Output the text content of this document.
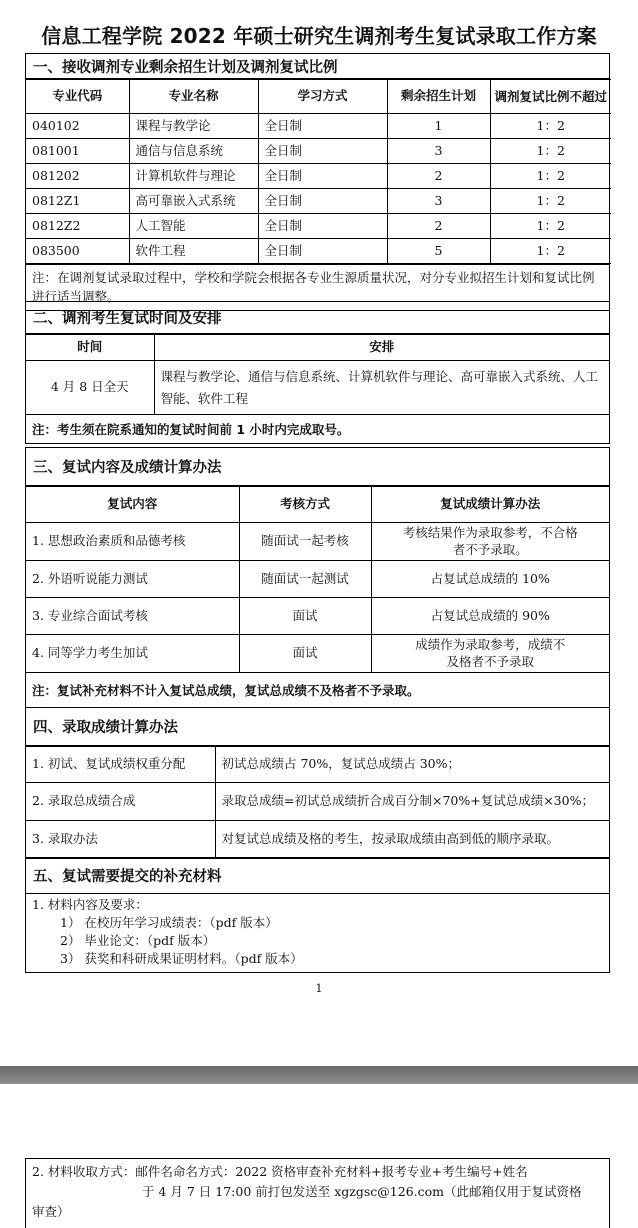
信息工程学院 2022 年硕士研究生调剂考生复试录取工作方案
一、接收调剂专业剩余招生计划及调剂复试比例
专业代码	专业名称	学习方式	剩余招生计划	调剂复试比例不超过
040102	课程与教学论	全日制	1	1：2
081001	通信与信息系统	全日制	3	1：2
081202	计算机软件与理论	全日制	2	1：2
0812Z1	高可靠嵌入式系统	全日制	3	1：2
0812Z2	人工智能	全日制	2	1：2
083500	软件工程	全日制	5	1：2
注：在调剂复试录取过程中，学校和学院会根据各专业生源质量状况，对分专业拟招生计划和复试比例进行适当调整。
二、调剂考生复试时间及安排
时间	安排
4 月 8 日全天	课程与教学论、通信与信息系统、计算机软件与理论、高可靠嵌入式系统、人工智能、软件工程
注：考生须在院系通知的复试时间前 1 小时内完成取号。
三、复试内容及成绩计算办法
复试内容	考核方式	复试成绩计算办法
1. 思想政治素质和品德考核	随面试一起考核	考核结果作为录取参考，不合格者不予录取。
2. 外语听说能力测试	随面试一起测试	占复试总成绩的 10%
3. 专业综合面试考核	面试	占复试总成绩的 90%
4. 同等学力考生加试	面试	成绩作为录取参考，成绩不及格者不予录取
注：复试补充材料不计入复试总成绩，复试总成绩不及格者不予录取。
四、录取成绩计算办法
1. 初试、复试成绩权重分配	初试总成绩占 70%，复试总成绩占 30%；
2. 录取总成绩合成	录取总成绩=初试总成绩折合成百分制×70%+复试总成绩×30%；
3. 录取办法	对复试总成绩及格的考生，按录取成绩由高到低的顺序录取。
五、复试需要提交的补充材料
1. 材料内容及要求：
1） 在校历年学习成绩表：（pdf 版本）
2） 毕业论文：（pdf 版本）
3） 获奖和科研成果证明材料。（pdf 版本）
1
2. 材料收取方式：邮件名命名方式：2022 资格审查补充材料+报考专业+考生编号+姓名
于 4 月 7 日 17:00 前打包发送至 xgzgsc@126.com（此邮箱仅用于复试资格
审查）
